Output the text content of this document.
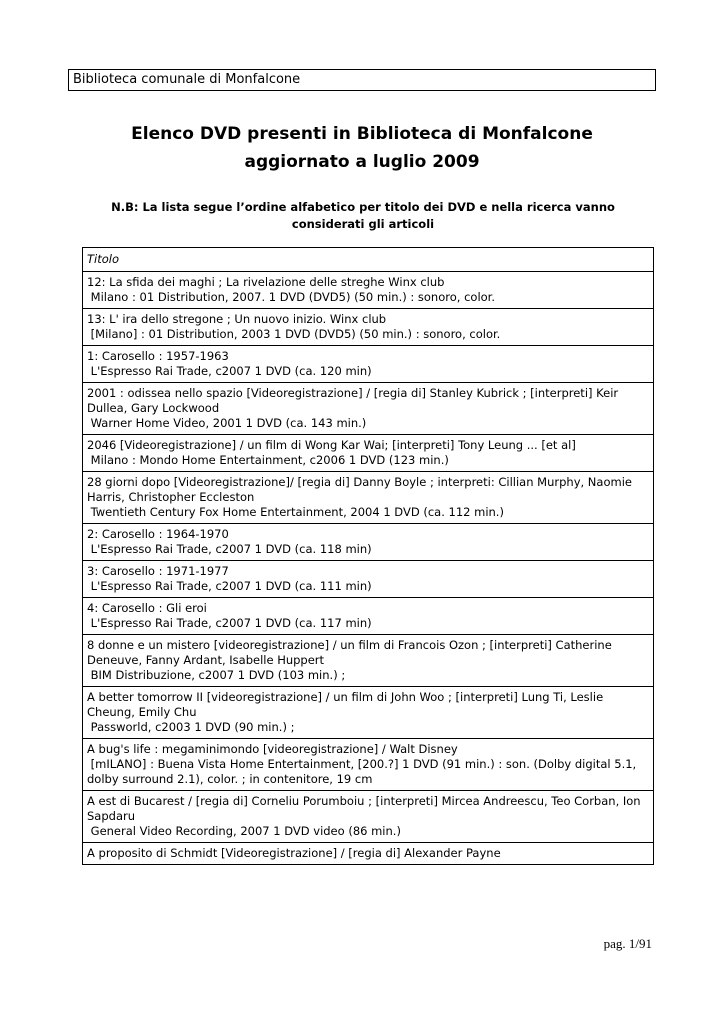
Biblioteca comunale di Monfalcone
Elenco DVD presenti in Biblioteca di Monfalcone
aggiornato a luglio 2009
N.B: La lista segue l’ordine alfabetico per titolo dei DVD e nella ricerca vanno considerati gli articoli
Titolo

12: La sfida dei maghi ; La rivelazione delle streghe Winx club
Milano : 01 Distribution, 2007. 1 DVD (DVD5) (50 min.) : sonoro, color.

13: L' ira dello stregone ; Un nuovo inizio. Winx club
[Milano] : 01 Distribution, 2003 1 DVD (DVD5) (50 min.) : sonoro, color.

1: Carosello : 1957-1963
L'Espresso Rai Trade, c2007 1 DVD (ca. 120 min)

2001 : odissea nello spazio [Videoregistrazione] / [regia di] Stanley Kubrick ; [interpreti] Keir Dullea, Gary Lockwood
Warner Home Video, 2001 1 DVD (ca. 143 min.)

2046 [Videoregistrazione] / un film di Wong Kar Wai; [interpreti] Tony Leung ... [et al]
Milano : Mondo Home Entertainment, c2006 1 DVD (123 min.)

28 giorni dopo [Videoregistrazione]/ [regia di] Danny Boyle ; interpreti: Cillian Murphy, Naomie Harris, Christopher Eccleston
Twentieth Century Fox Home Entertainment, 2004 1 DVD (ca. 112 min.)

2: Carosello : 1964-1970
L'Espresso Rai Trade, c2007 1 DVD (ca. 118 min)

3: Carosello : 1971-1977
L'Espresso Rai Trade, c2007 1 DVD (ca. 111 min)

4: Carosello : Gli eroi
L'Espresso Rai Trade, c2007 1 DVD (ca. 117 min)

8 donne e un mistero [videoregistrazione] / un film di Francois Ozon ; [interpreti] Catherine Deneuve, Fanny Ardant, Isabelle Huppert
BIM Distribuzione, c2007 1 DVD (103 min.) ;

A better tomorrow II [videoregistrazione] / un film di John Woo ; [interpreti] Lung Ti, Leslie Cheung, Emily Chu
Passworld, c2003 1 DVD (90 min.) ;

A bug's life : megaminimondo [videoregistrazione] / Walt Disney
[mILANO] : Buena Vista Home Entertainment, [200.?] 1 DVD (91 min.) : son. (Dolby digital 5.1, dolby surround 2.1), color. ; in contenitore, 19 cm

A est di Bucarest / [regia di] Corneliu Porumboiu ; [interpreti] Mircea Andreescu, Teo Corban, Ion Sapdaru
General Video Recording, 2007 1 DVD video (86 min.)

A proposito di Schmidt [Videoregistrazione] / [regia di] Alexander Payne
pag. 1/91
